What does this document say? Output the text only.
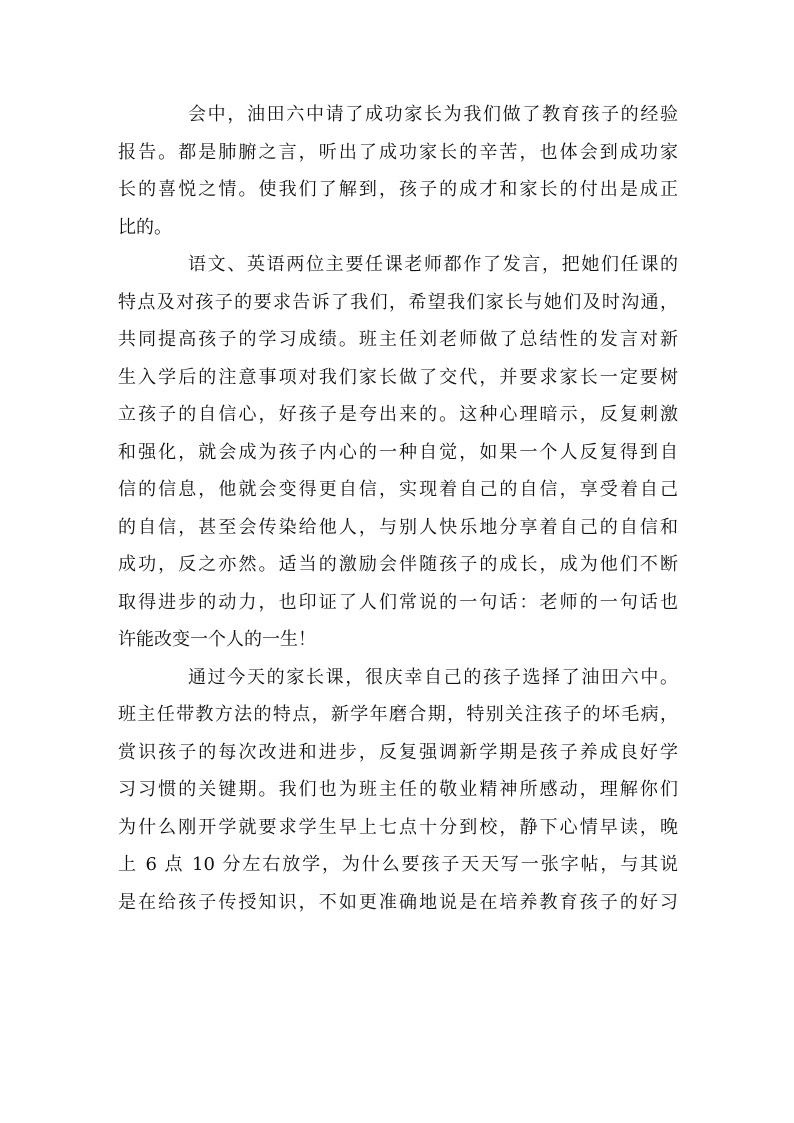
会中，油田六中请了成功家长为我们做了教育孩子的经验
报告。都是肺腑之言，听出了成功家长的辛苦，也体会到成功家
长的喜悦之情。使我们了解到，孩子的成才和家长的付出是成正
比的。
语文、英语两位主要任课老师都作了发言，把她们任课的
特点及对孩子的要求告诉了我们，希望我们家长与她们及时沟通，
共同提高孩子的学习成绩。班主任刘老师做了总结性的发言对新
生入学后的注意事项对我们家长做了交代，并要求家长一定要树
立孩子的自信心，好孩子是夸出来的。这种心理暗示，反复刺激
和强化，就会成为孩子内心的一种自觉，如果一个人反复得到自
信的信息，他就会变得更自信，实现着自己的自信，享受着自己
的自信，甚至会传染给他人，与别人快乐地分享着自己的自信和
成功，反之亦然。适当的激励会伴随孩子的成长，成为他们不断
取得进步的动力，也印证了人们常说的一句话：老师的一句话也
许能改变一个人的一生！
通过今天的家长课，很庆幸自己的孩子选择了油田六中。
班主任带教方法的特点，新学年磨合期，特别关注孩子的坏毛病，
赏识孩子的每次改进和进步，反复强调新学期是孩子养成良好学
习习惯的关键期。我们也为班主任的敬业精神所感动，理解你们
为什么刚开学就要求学生早上七点十分到校，静下心情早读，晚
上 6 点 10 分左右放学，为什么要孩子天天写一张字帖，与其说
是在给孩子传授知识，不如更准确地说是在培养教育孩子的好习
